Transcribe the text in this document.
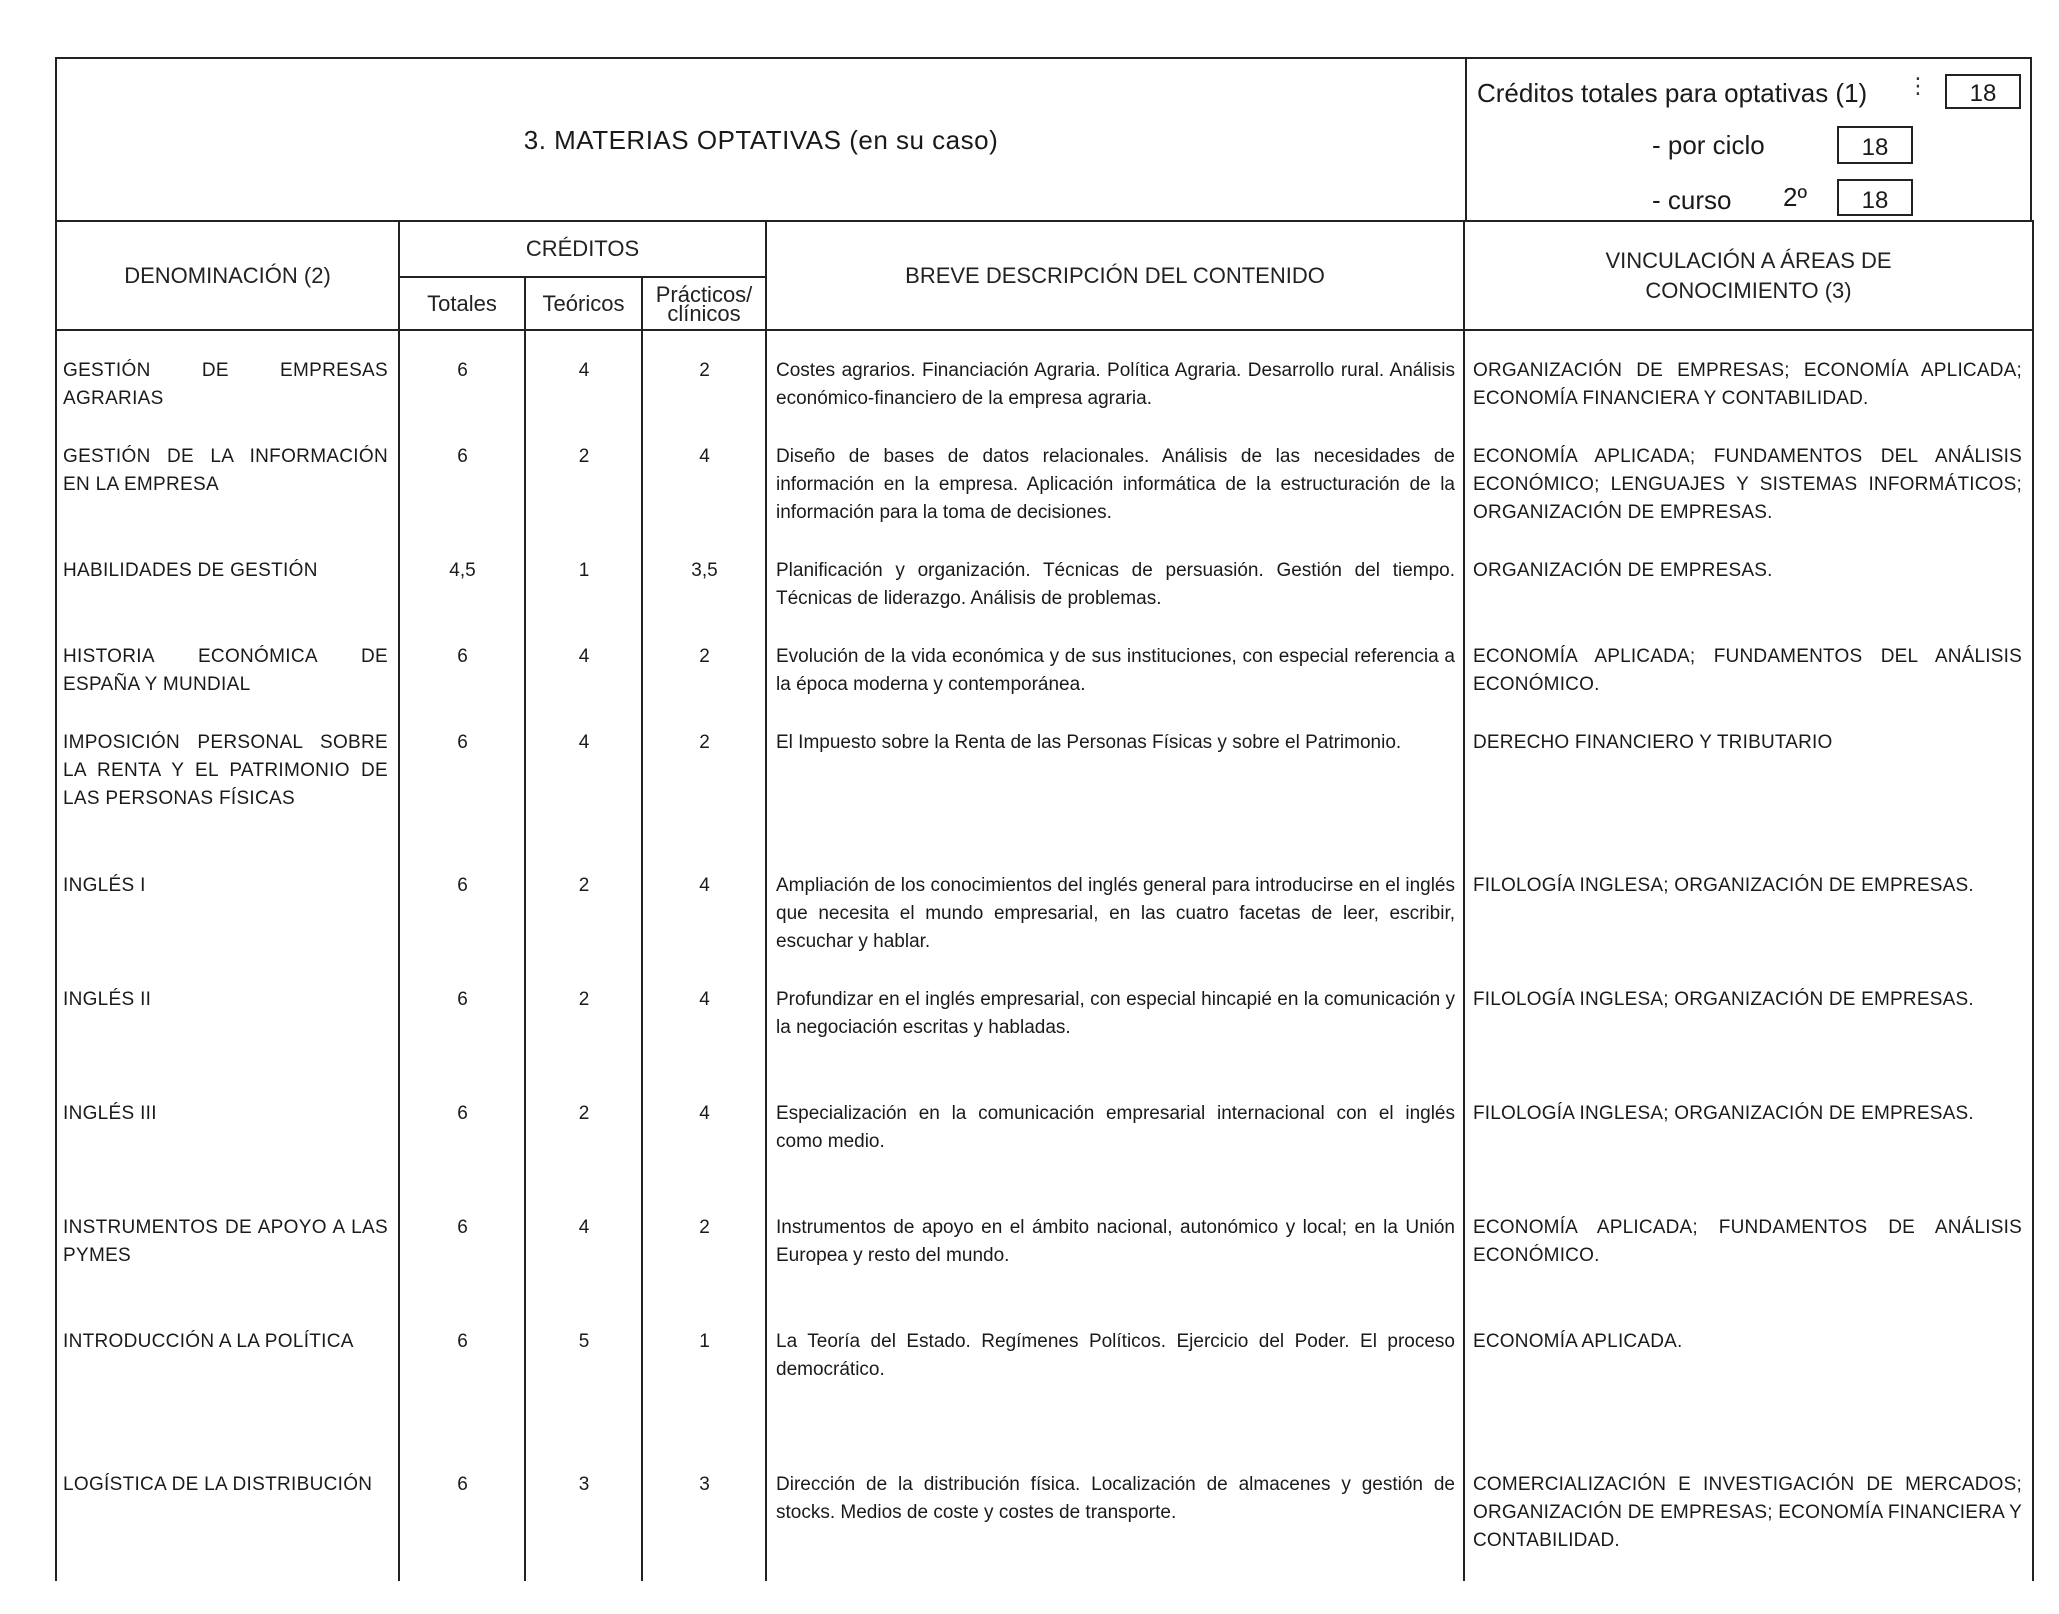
3. MATERIAS OPTATIVAS (en su caso)
Créditos totales para optativas (1) ⋮	18
- por ciclo	18
- curso 2º	18
DENOMINACIÓN (2)	CRÉDITOS			BREVE DESCRIPCIÓN DEL CONTENIDO	VINCULACIÓN A ÁREAS DE CONOCIMIENTO (3)
	Totales	Teóricos	Prácticos/ clínicos		

GESTIÓN DE EMPRESAS AGRARIAS	6	4	2	Costes agrarios. Financiación Agraria. Política Agraria. Desarrollo rural. Análisis económico-financiero de la empresa agraria.	ORGANIZACIÓN DE EMPRESAS; ECONOMÍA APLICADA; ECONOMÍA FINANCIERA Y CONTABILIDAD.
GESTIÓN DE LA INFORMACIÓN EN LA EMPRESA	6	2	4	Diseño de bases de datos relacionales. Análisis de las necesidades de información en la empresa. Aplicación informática de la estructuración de la información para la toma de decisiones.	ECONOMÍA APLICADA; FUNDAMENTOS DEL ANÁLISIS ECONÓMICO; LENGUAJES Y SISTEMAS INFORMÁTICOS; ORGANIZACIÓN DE EMPRESAS.
HABILIDADES DE GESTIÓN	4,5	1	3,5	Planificación y organización. Técnicas de persuasión. Gestión del tiempo. Técnicas de liderazgo. Análisis de problemas.	ORGANIZACIÓN DE EMPRESAS.
HISTORIA ECONÓMICA DE ESPAÑA Y MUNDIAL	6	4	2	Evolución de la vida económica y de sus instituciones, con especial referencia a la época moderna y contemporánea.	ECONOMÍA APLICADA; FUNDAMENTOS DEL ANÁLISIS ECONÓMICO.
IMPOSICIÓN PERSONAL SOBRE LA RENTA Y EL PATRIMONIO DE LAS PERSONAS FÍSICAS	6	4	2	El Impuesto sobre la Renta de las Personas Físicas y sobre el Patrimonio.	DERECHO FINANCIERO Y TRIBUTARIO
INGLÉS I	6	2	4	Ampliación de los conocimientos del inglés general para introducirse en el inglés que necesita el mundo empresarial, en las cuatro facetas de leer, escribir, escuchar y hablar.	FILOLOGÍA INGLESA; ORGANIZACIÓN DE EMPRESAS.
INGLÉS II	6	2	4	Profundizar en el inglés empresarial, con especial hincapié en la comunicación y la negociación escritas y habladas.	FILOLOGÍA INGLESA; ORGANIZACIÓN DE EMPRESAS.
INGLÉS III	6	2	4	Especialización en la comunicación empresarial internacional con el inglés como medio.	FILOLOGÍA INGLESA; ORGANIZACIÓN DE EMPRESAS.
INSTRUMENTOS DE APOYO A LAS PYMES	6	4	2	Instrumentos de apoyo en el ámbito nacional, autonómico y local; en la Unión Europea y resto del mundo.	ECONOMÍA APLICADA; FUNDAMENTOS DE ANÁLISIS ECONÓMICO.
INTRODUCCIÓN A LA POLÍTICA	6	5	1	La Teoría del Estado. Regímenes Políticos. Ejercicio del Poder. El proceso democrático.	ECONOMÍA APLICADA.
LOGÍSTICA DE LA DISTRIBUCIÓN	6	3	3	Dirección de la distribución física. Localización de almacenes y gestión de stocks. Medios de coste y costes de transporte.	COMERCIALIZACIÓN E INVESTIGACIÓN DE MERCADOS; ORGANIZACIÓN DE EMPRESAS; ECONOMÍA FINANCIERA Y CONTABILIDAD.
